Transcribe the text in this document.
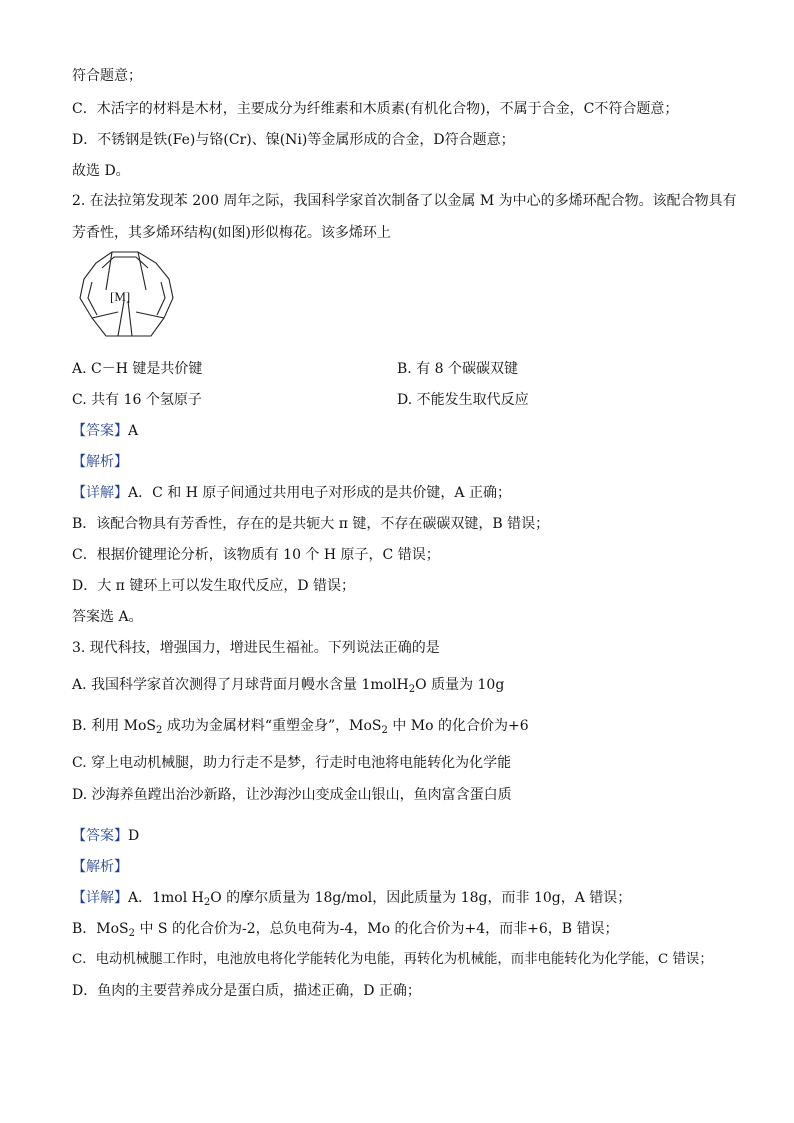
符合题意；
C．木活字的材料是木材，主要成分为纤维素和木质素(有机化合物)，不属于合金，C不符合题意；
D．不锈钢是铁(Fe)与铬(Cr)、镍(Ni)等金属形成的合金，D符合题意；
故选 D。
2. 在法拉第发现苯 200 周年之际，我国科学家首次制备了以金属 M 为中心的多烯环配合物。该配合物具有
芳香性，其多烯环结构(如图)形似梅花。该多烯环上
[M]
A. C－H 键是共价键	B. 有 8 个碳碳双键
C. 共有 16 个氢原子	D. 不能发生取代反应
【答案】A
【解析】
【详解】A．C 和 H 原子间通过共用电子对形成的是共价键，A 正确；
B．该配合物具有芳香性，存在的是共轭大 π 键，不存在碳碳双键，B 错误；
C．根据价键理论分析，该物质有 10 个 H 原子，C 错误；
D．大 π 键环上可以发生取代反应，D 错误；
答案选 A。
3. 现代科技，增强国力，增进民生福祉。下列说法正确的是
A. 我国科学家首次测得了月球背面月幔水含量 1molH$_2$O 质量为 10g
B. 利用 MoS$_2$ 成功为金属材料“重塑金身”，MoS$_2$ 中 Mo 的化合价为+6
C. 穿上电动机械腿，助力行走不是梦，行走时电池将电能转化为化学能
D. 沙海养鱼蹚出治沙新路，让沙海沙山变成金山银山，鱼肉富含蛋白质
【答案】D
【解析】
【详解】A．1mol $H_2O$ 的摩尔质量为 18g/mol，因此质量为 18g，而非 10g，A 错误；
B．MoS$_2$ 中 S 的化合价为-2，总负电荷为-4，Mo 的化合价为+4，而非+6，B 错误；
C．电动机械腿工作时，电池放电将化学能转化为电能，再转化为机械能，而非电能转化为化学能，C 错误；
D．鱼肉的主要营养成分是蛋白质，描述正确，D 正确；
